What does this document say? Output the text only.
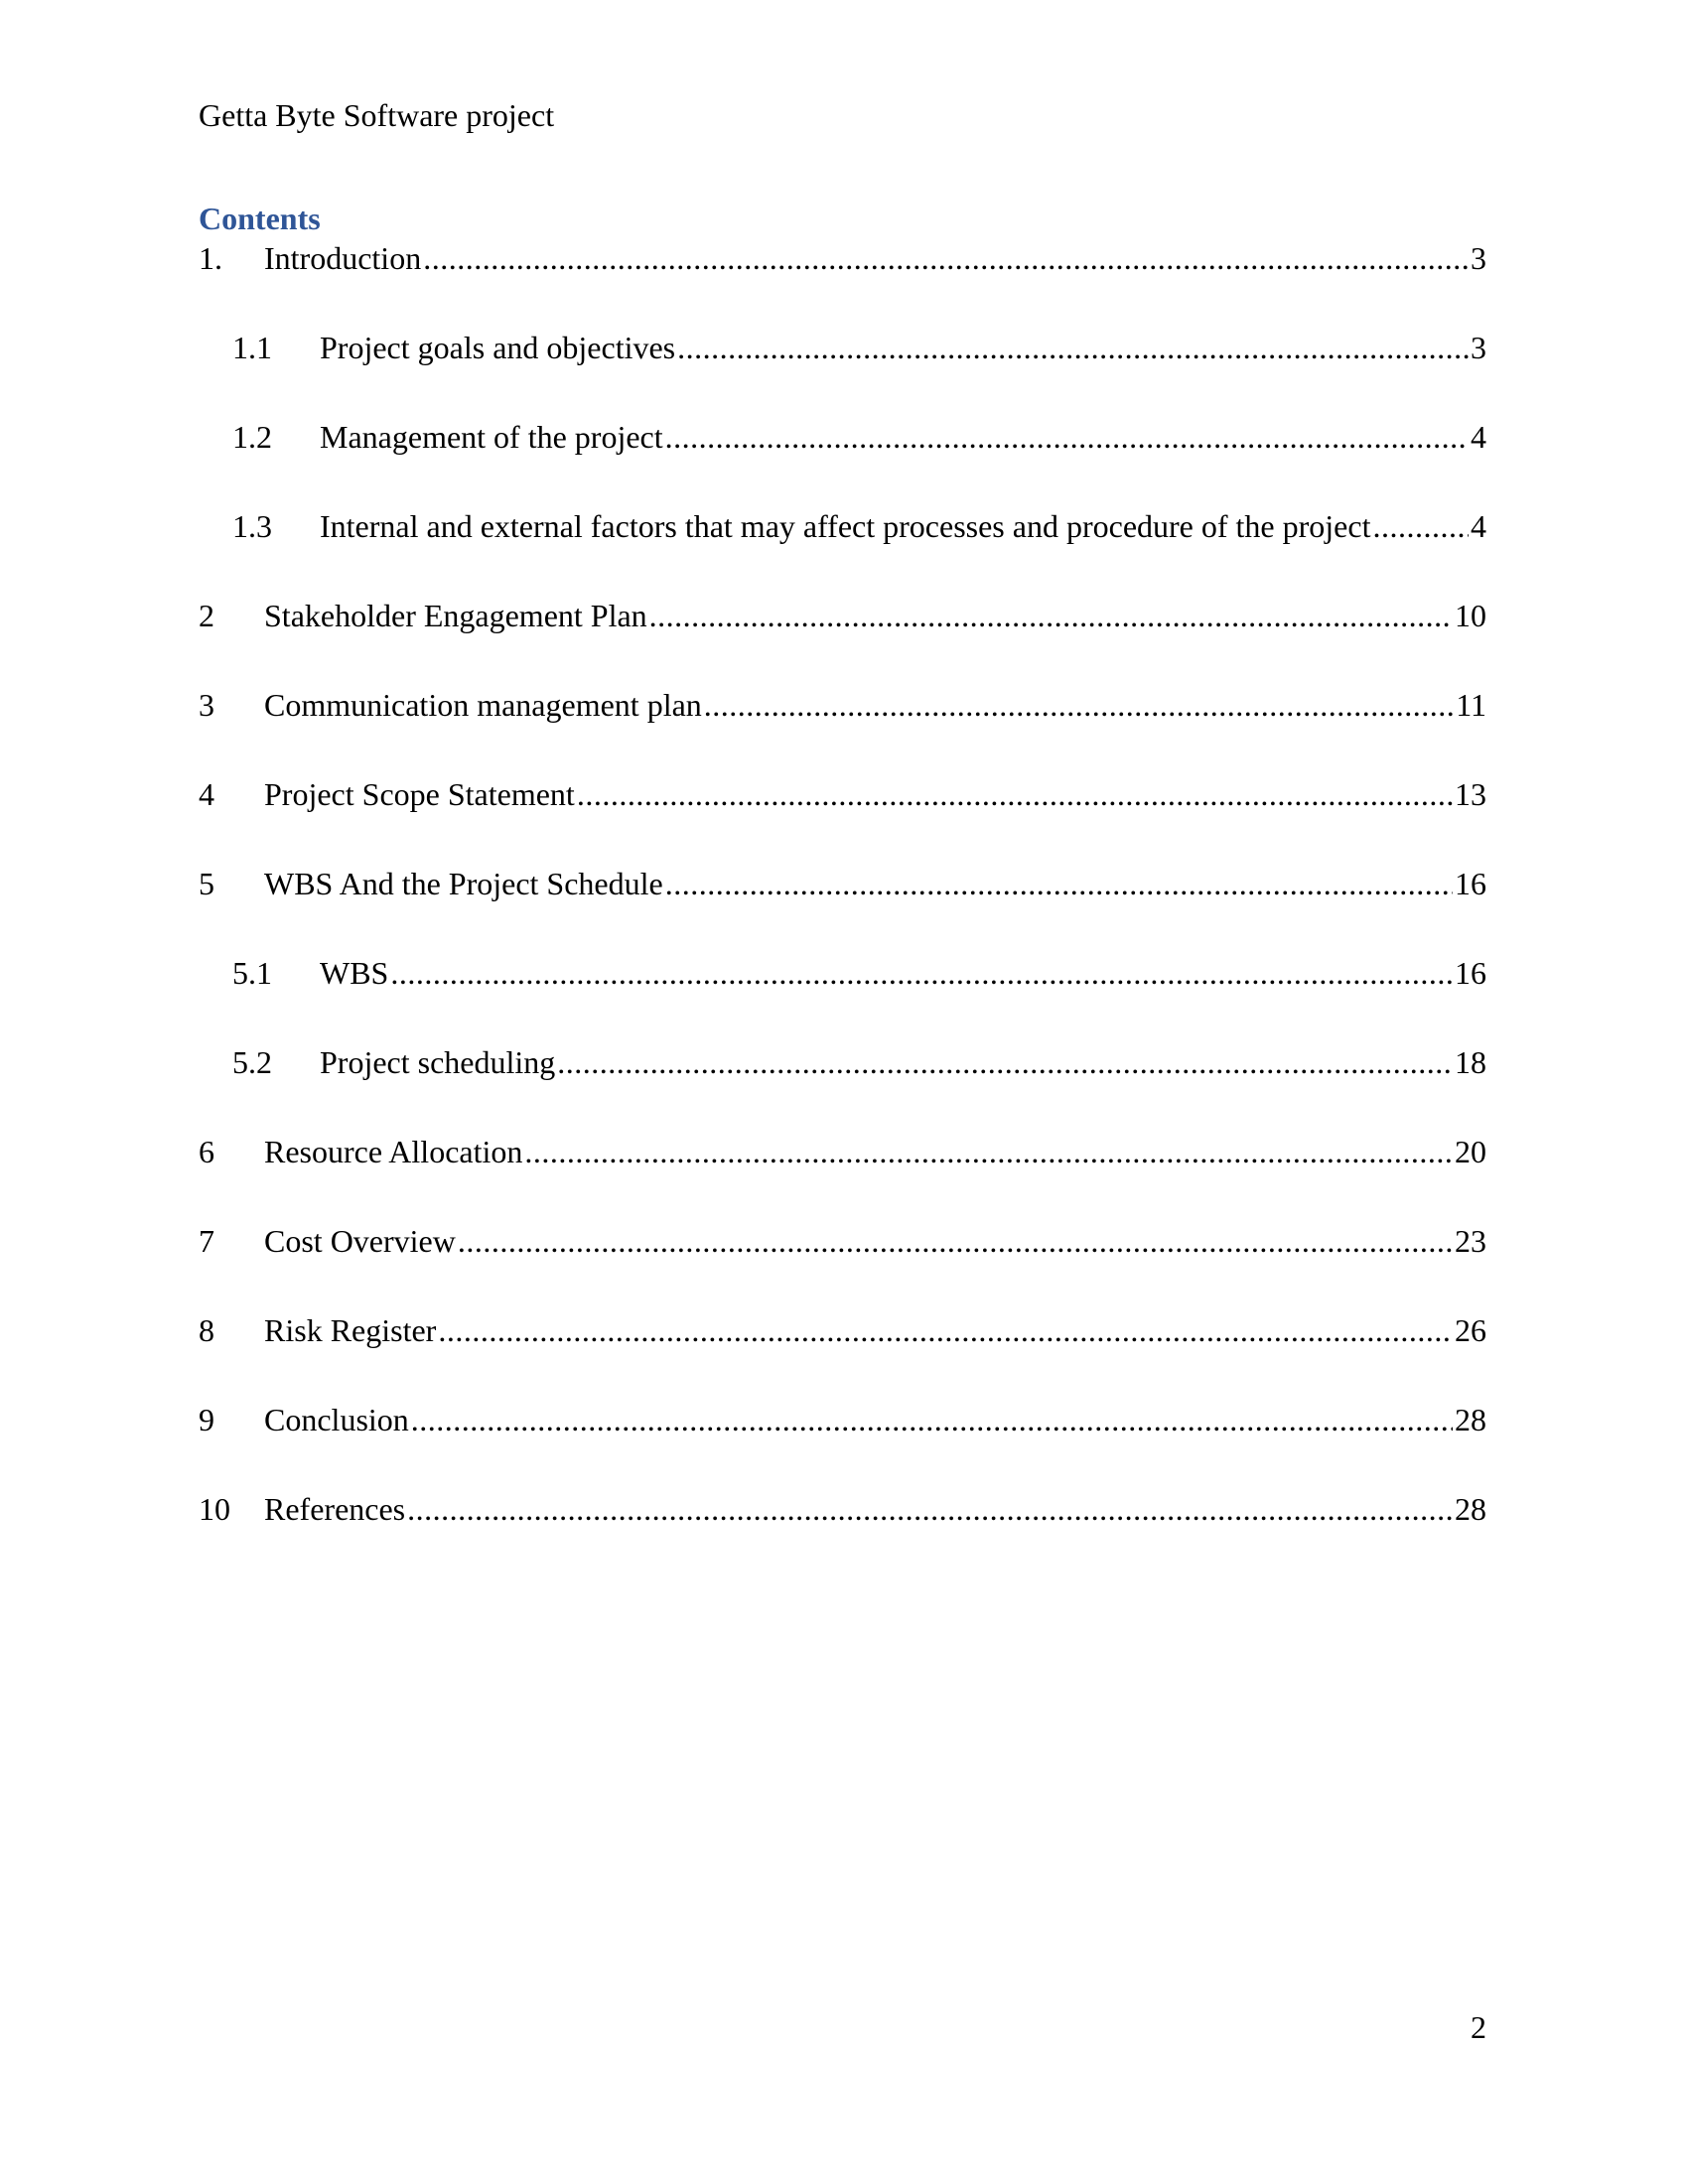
Getta Byte Software project
Contents
1.	Introduction .....	3
1.1	Project goals and objectives .....	3
1.2	Management of the project .....	4
1.3	Internal and external factors that may affect processes and procedure of the project .....	4
2	Stakeholder Engagement Plan .....	10
3	Communication management plan .....	11
4	Project Scope Statement .....	13
5	WBS And the Project Schedule .....	16
5.1	WBS .....	16
5.2	Project scheduling .....	18
6	Resource Allocation .....	20
7	Cost Overview .....	23
8	Risk Register .....	26
9	Conclusion .....	28
10	References .....	28
2
